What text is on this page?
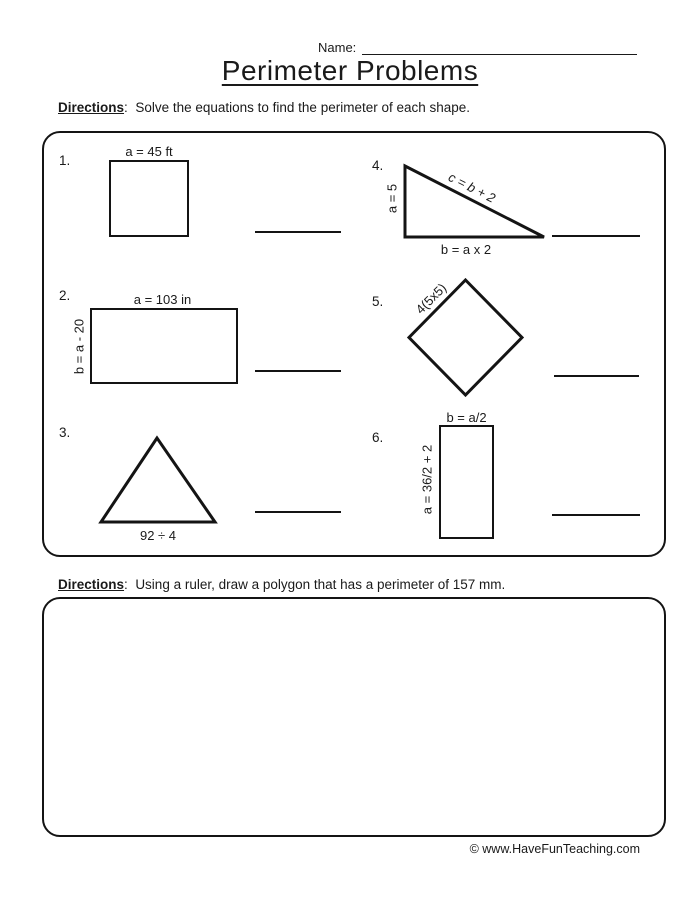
Name:
Perimeter Problems
Directions: Solve the equations to find the perimeter of each shape.
1.
a = 45 ft
2.	a = 103 in
b = a - 20
3.
92 ÷ 4
4.
a = 5	c = b + 2
b = a x 2
5.	4(5x5)
6.
b = a/2
a = 36/2 + 2
Directions: Using a ruler, draw a polygon that has a perimeter of 157 mm.
© www.HaveFunTeaching.com
